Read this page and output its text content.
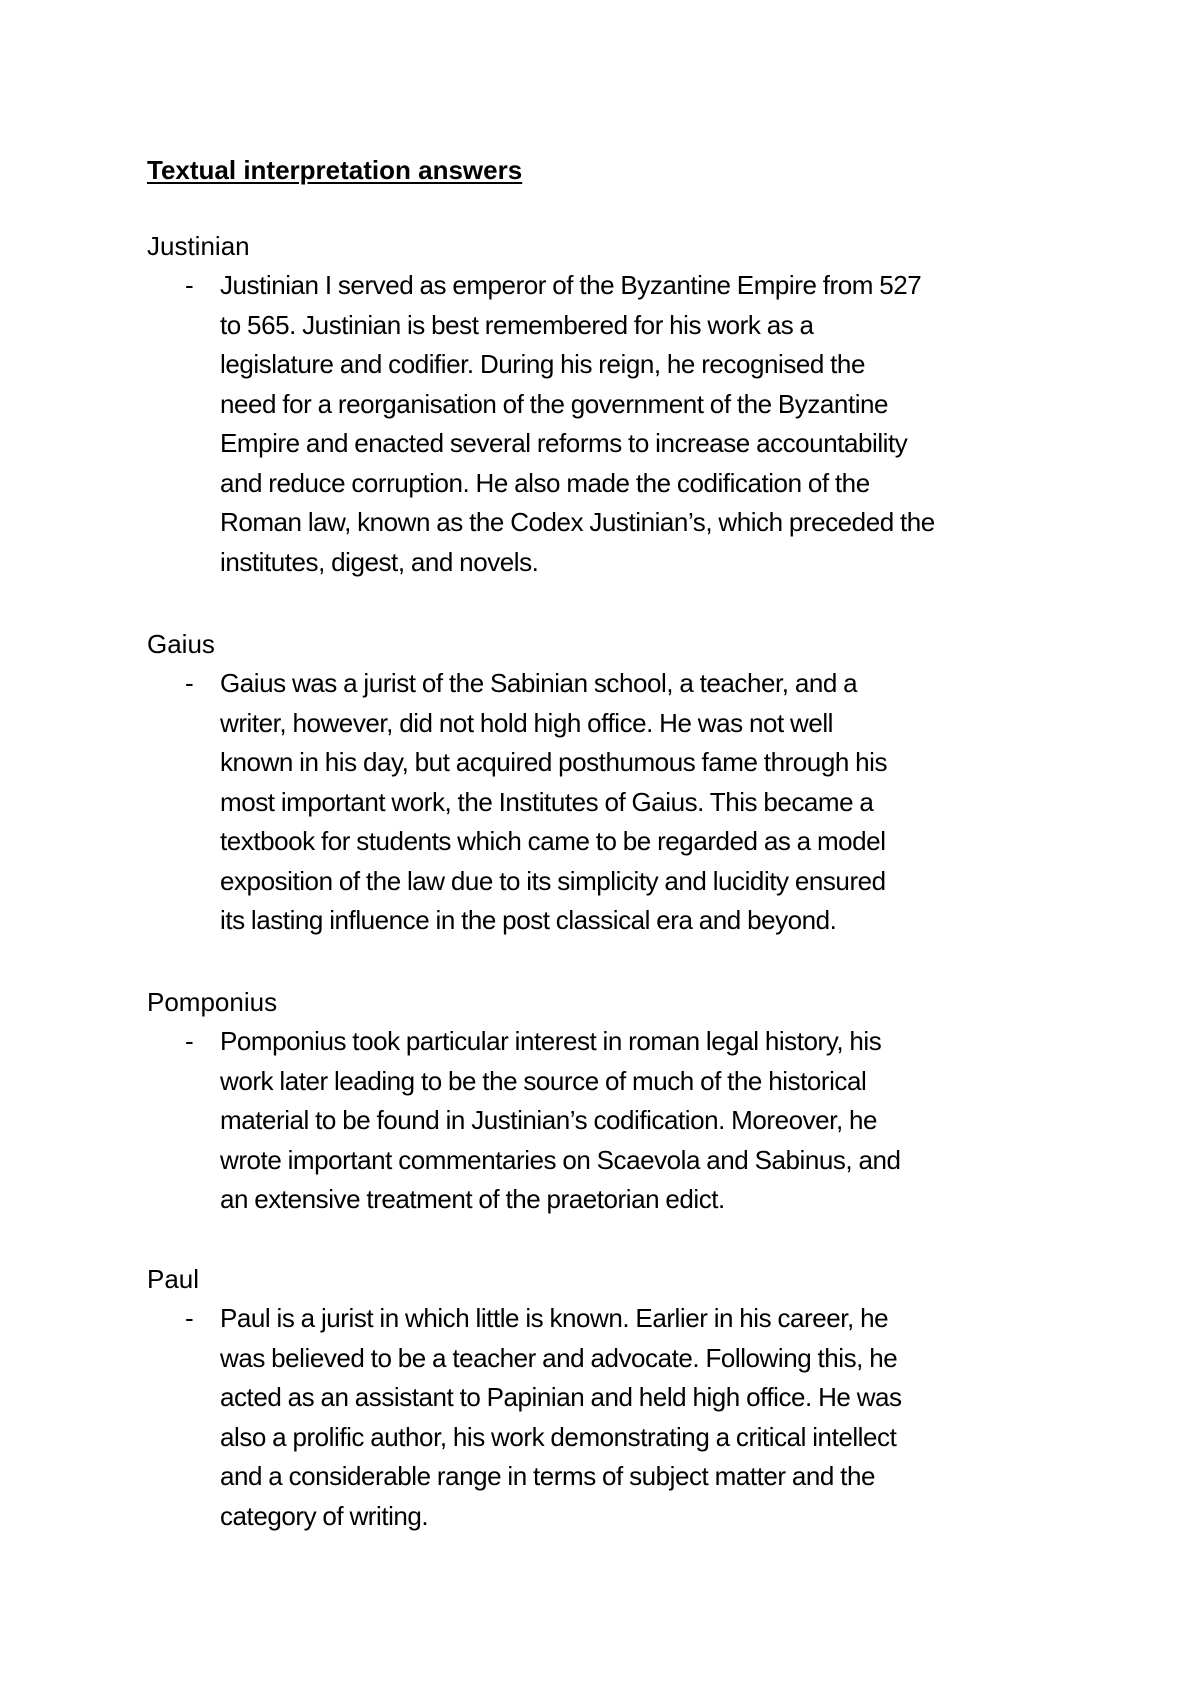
Textual interpretation answers
Justinian
-	Justinian I served as emperor of the Byzantine Empire from 527
to 565. Justinian is best remembered for his work as a
legislature and codifier. During his reign, he recognised the
need for a reorganisation of the government of the Byzantine
Empire and enacted several reforms to increase accountability
and reduce corruption. He also made the codification of the
Roman law, known as the Codex Justinian’s, which preceded the
institutes, digest, and novels.
Gaius
-	Gaius was a jurist of the Sabinian school, a teacher, and a
writer, however, did not hold high office. He was not well
known in his day, but acquired posthumous fame through his
most important work, the Institutes of Gaius. This became a
textbook for students which came to be regarded as a model
exposition of the law due to its simplicity and lucidity ensured
its lasting influence in the post classical era and beyond.
Pomponius
-	Pomponius took particular interest in roman legal history, his
work later leading to be the source of much of the historical
material to be found in Justinian’s codification. Moreover, he
wrote important commentaries on Scaevola and Sabinus, and
an extensive treatment of the praetorian edict.
Paul
-	Paul is a jurist in which little is known. Earlier in his career, he
was believed to be a teacher and advocate. Following this, he
acted as an assistant to Papinian and held high office. He was
also a prolific author, his work demonstrating a critical intellect
and a considerable range in terms of subject matter and the
category of writing.
